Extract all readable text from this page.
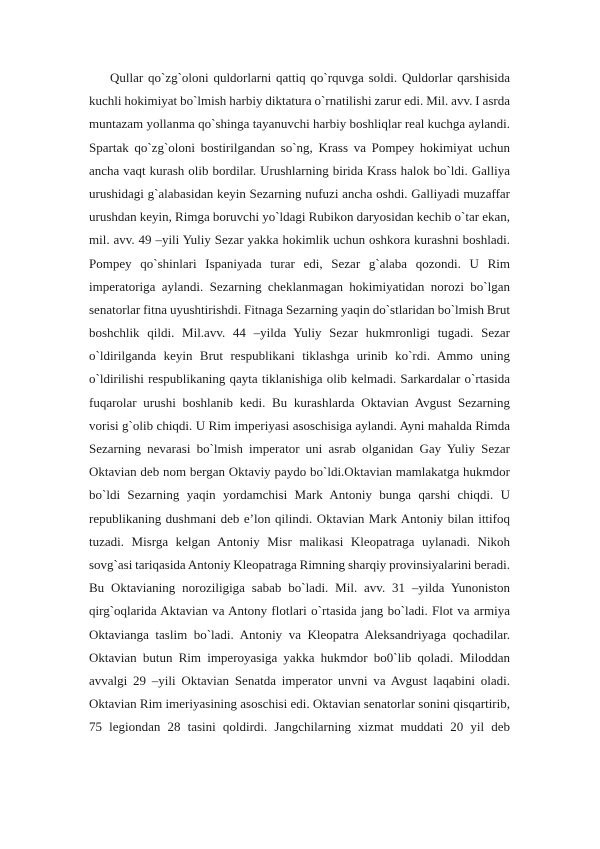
Qullar qo`zg`oloni quldorlarni qattiq qo`rquvga soldi. Quldorlar qarshisida
kuchli hokimiyat bo`lmish harbiy diktatura o`rnatilishi zarur edi. Mil. avv. I asrda
muntazam yollanma qo`shinga tayanuvchi harbiy boshliqlar real kuchga aylandi.
Spartak qo`zg`oloni bostirilgandan so`ng, Krass va Pompey hokimiyat uchun
ancha vaqt kurash olib bordilar. Urushlarning birida Krass halok bo`ldi. Galliya
urushidagi g`alabasidan keyin Sezarning nufuzi ancha oshdi. Galliyadi muzaffar
urushdan keyin, Rimga boruvchi yo`ldagi Rubikon daryosidan kechib o`tar ekan,
mil. avv. 49 –yili Yuliy Sezar yakka hokimlik uchun oshkora kurashni boshladi.
Pompey qo`shinlari Ispaniyada turar edi, Sezar g`alaba qozondi. U Rim
imperatoriga aylandi. Sezarning cheklanmagan hokimiyatidan norozi bo`lgan
senatorlar fitna uyushtirishdi. Fitnaga Sezarning yaqin do`stlaridan bo`lmish Brut
boshchlik qildi. Mil.avv. 44 –yilda Yuliy Sezar hukmronligi tugadi. Sezar
o`ldirilganda keyin Brut respublikani tiklashga urinib ko`rdi. Ammo uning
o`ldirilishi respublikaning qayta tiklanishiga olib kelmadi. Sarkardalar o`rtasida
fuqarolar urushi boshlanib kedi. Bu kurashlarda Oktavian Avgust Sezarning
vorisi g`olib chiqdi. U Rim imperiyasi asoschisiga aylandi. Ayni mahalda Rimda
Sezarning nevarasi bo`lmish imperator uni asrab olganidan Gay Yuliy Sezar
Oktavian deb nom bergan Oktaviy paydo bo`ldi.Oktavian mamlakatga hukmdor
bo`ldi Sezarning yaqin yordamchisi Mark Antoniy bunga qarshi chiqdi. U
republikaning dushmani deb e’lon qilindi. Oktavian Mark Antoniy bilan ittifoq
tuzadi. Misrga kelgan Antoniy Misr malikasi Kleopatraga uylanadi. Nikoh
sovg`asi tariqasida Antoniy Kleopatraga Rimning sharqiy provinsiyalarini beradi.
Bu Oktavianing noroziligiga sabab bo`ladi. Mil. avv. 31 –yilda Yunoniston
qirg`oqlarida Aktavian va Antony flotlari o`rtasida jang bo`ladi. Flot va armiya
Oktavianga taslim bo`ladi. Antoniy va Kleopatra Aleksandriyaga qochadilar.
Oktavian butun Rim imperoyasiga yakka hukmdor bo0`lib qoladi. Miloddan
avvalgi 29 –yili Oktavian Senatda imperator unvni va Avgust laqabini oladi.
Oktavian Rim imeriyasining asoschisi edi. Oktavian senatorlar sonini qisqartirib,
75 legiondan 28 tasini qoldirdi. Jangchilarning xizmat muddati 20 yil deb
